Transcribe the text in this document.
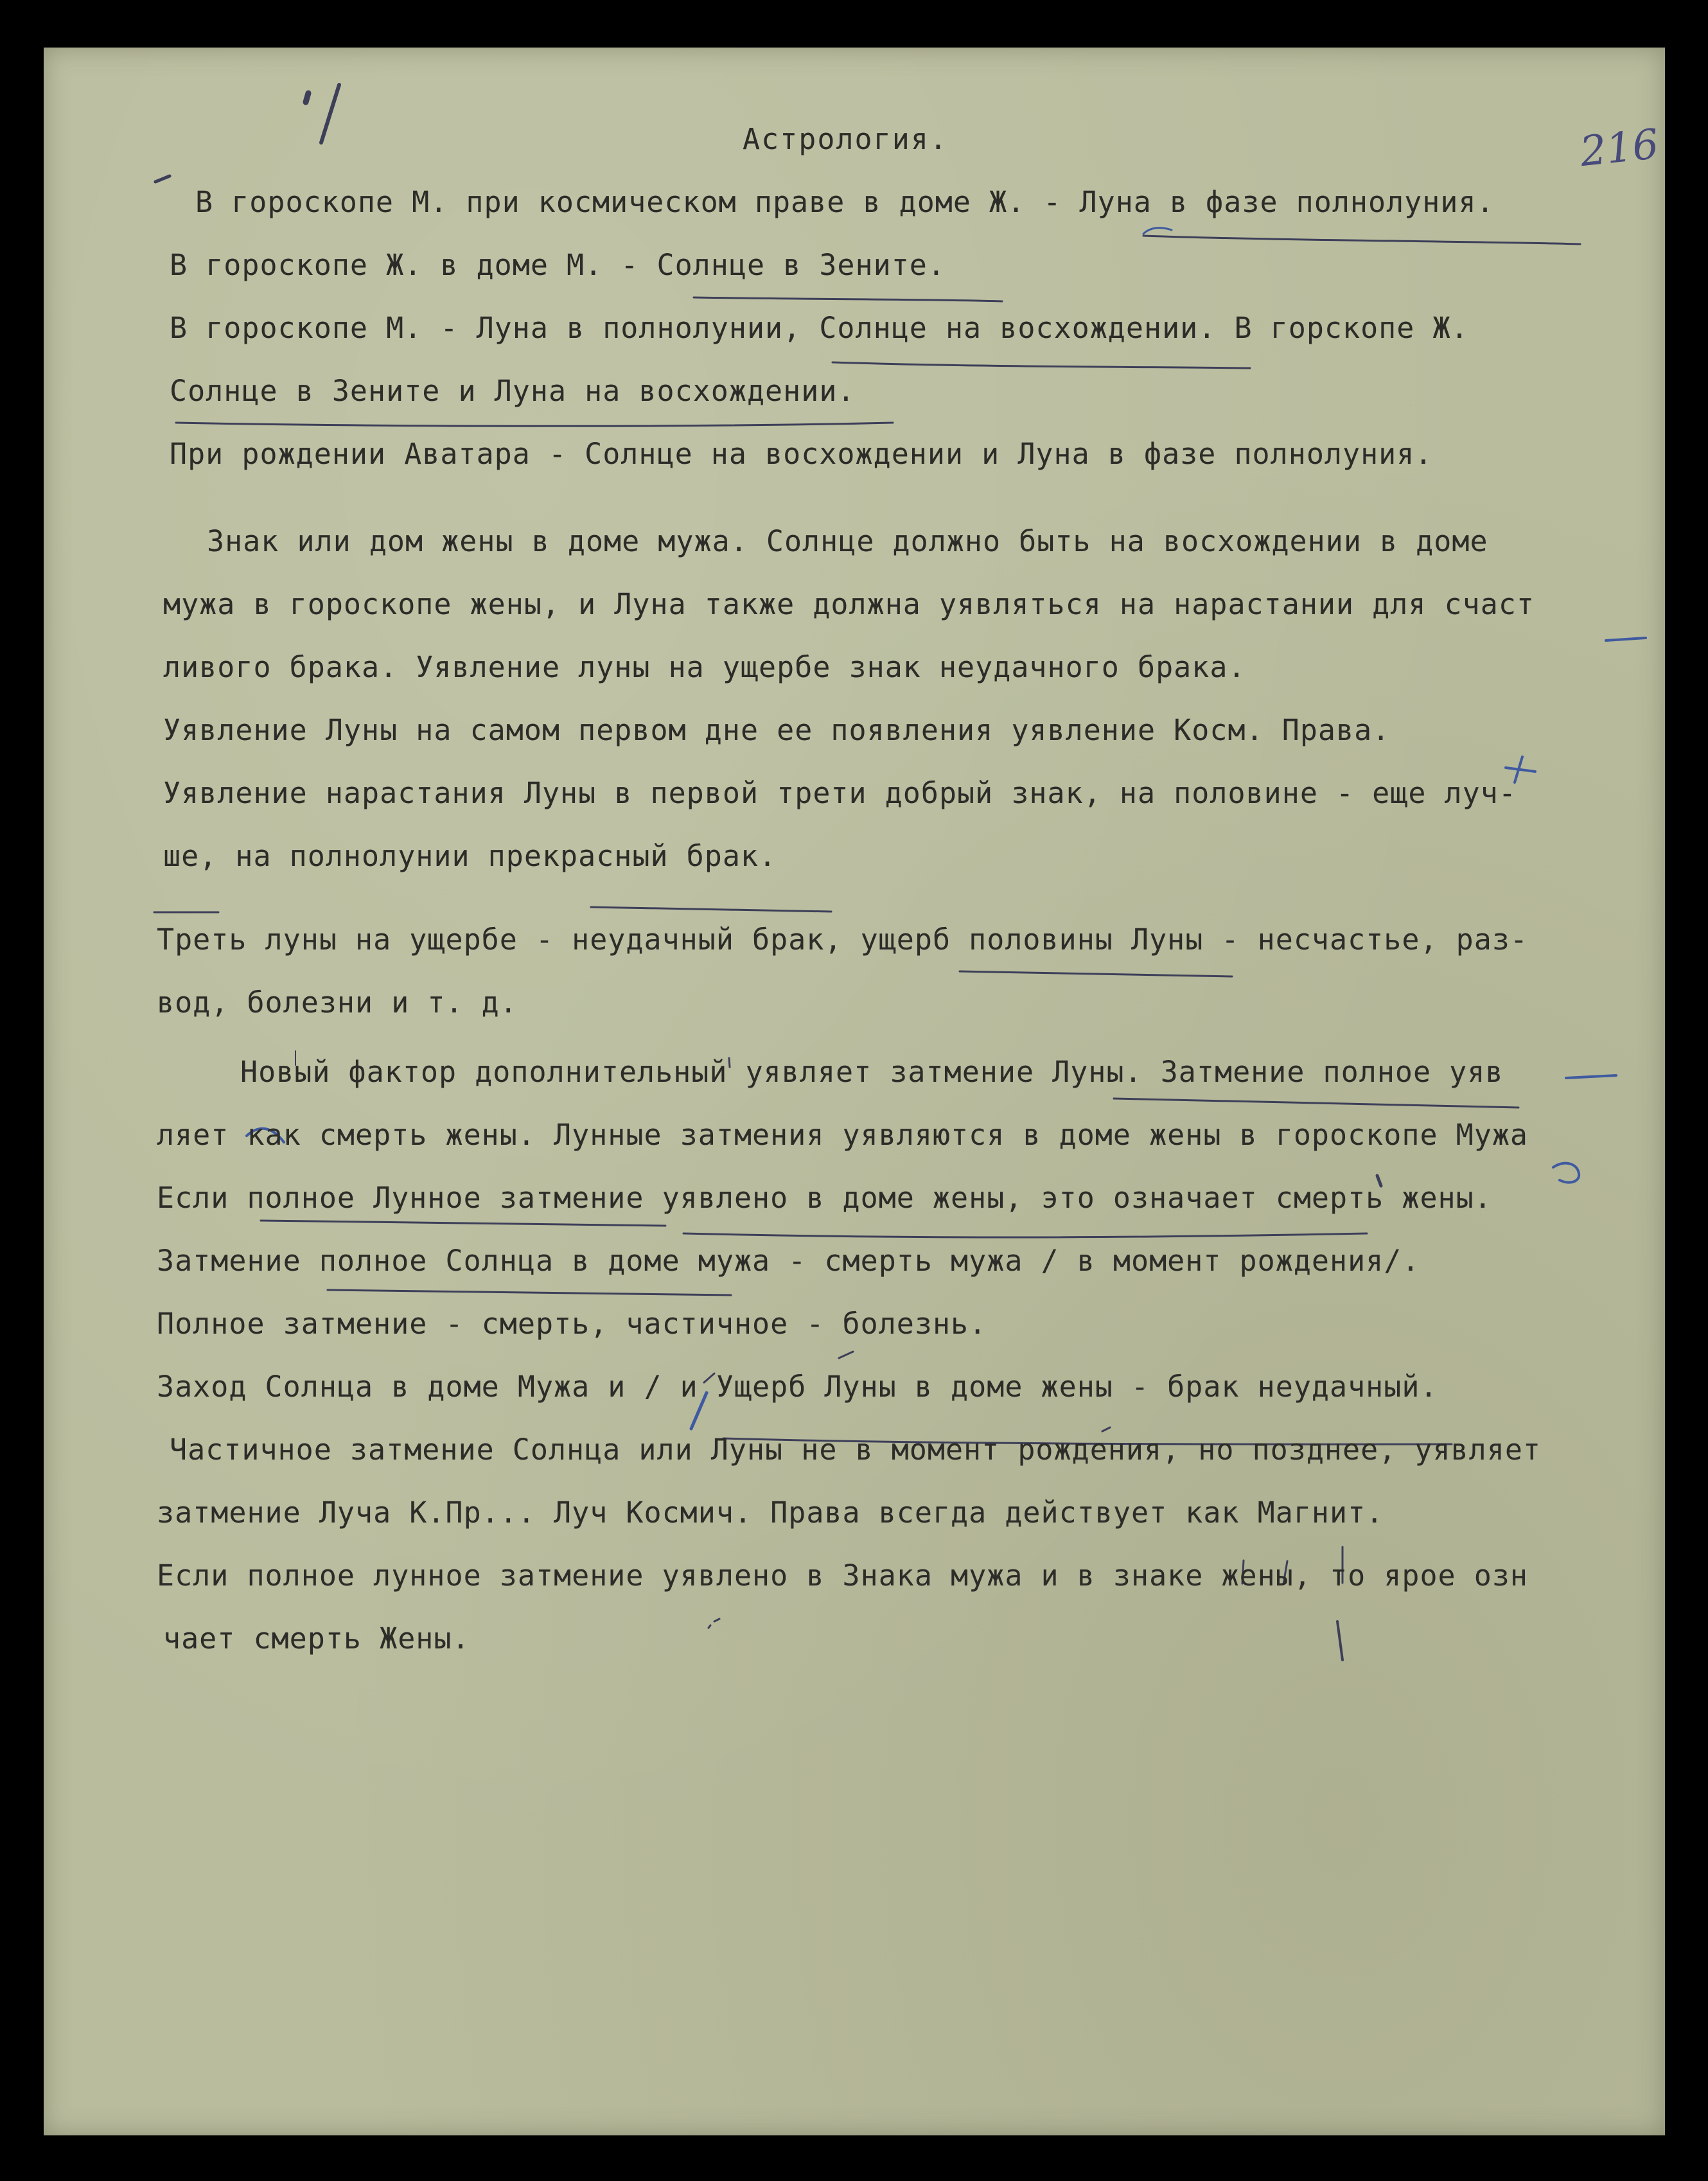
216

Астрология.

В гороскопе М. при космическом праве в доме Ж. - Луна в фазе полнолуния.

В гороскопе Ж. в доме М. - Солнце в Зените.

В гороскопе М. - Луна в полнолунии, Солнце на восхождении. В горскопе Ж.

Солнце в Зените и Луна на восхождении.

При рождении Аватара - Солнце на восхождении и Луна в фазе полнолуния.

Знак или дом жены в доме мужа. Солнце должно быть на восхождении в доме

мужа в гороскопе жены, и Луна также должна уявляться на нарастании для счаст

ливого брака. Уявление луны на ущербе знак неудачного брака.

Уявление Луны на самом первом дне ее появления уявление Косм. Права.

Уявление нарастания Луны в первой трети добрый знак, на половине - еще луч-

ше, на полнолунии прекрасный брак.

Треть луны на ущербе - неудачный брак, ущерб половины Луны - несчастье, раз-

вод, болезни и т. д.

Новый фактор дополнительный уявляет затмение Луны. Затмение полное уяв

ляет как смерть жены. Лунные затмения уявляются в доме жены в гороскопе Мужа

Если полное Лунное затмение уявлено в доме жены, это означает смерть жены.

Затмение полное Солнца в доме мужа - смерть мужа / в момент рождения/.

Полное затмение - смерть, частичное - болезнь.

Заход Солнца в доме Мужа и / и Ущерб Луны в доме жены - брак неудачный.

Частичное затмение Солнца или Луны не в момент рождения, но позднее, уявляет

затмение Луча К.Пр... Луч Космич. Права всегда действует как Магнит.

Если полное лунное затмение уявлено в Знака мужа и в знаке жены, то ярое озн

чает смерть Жены.
